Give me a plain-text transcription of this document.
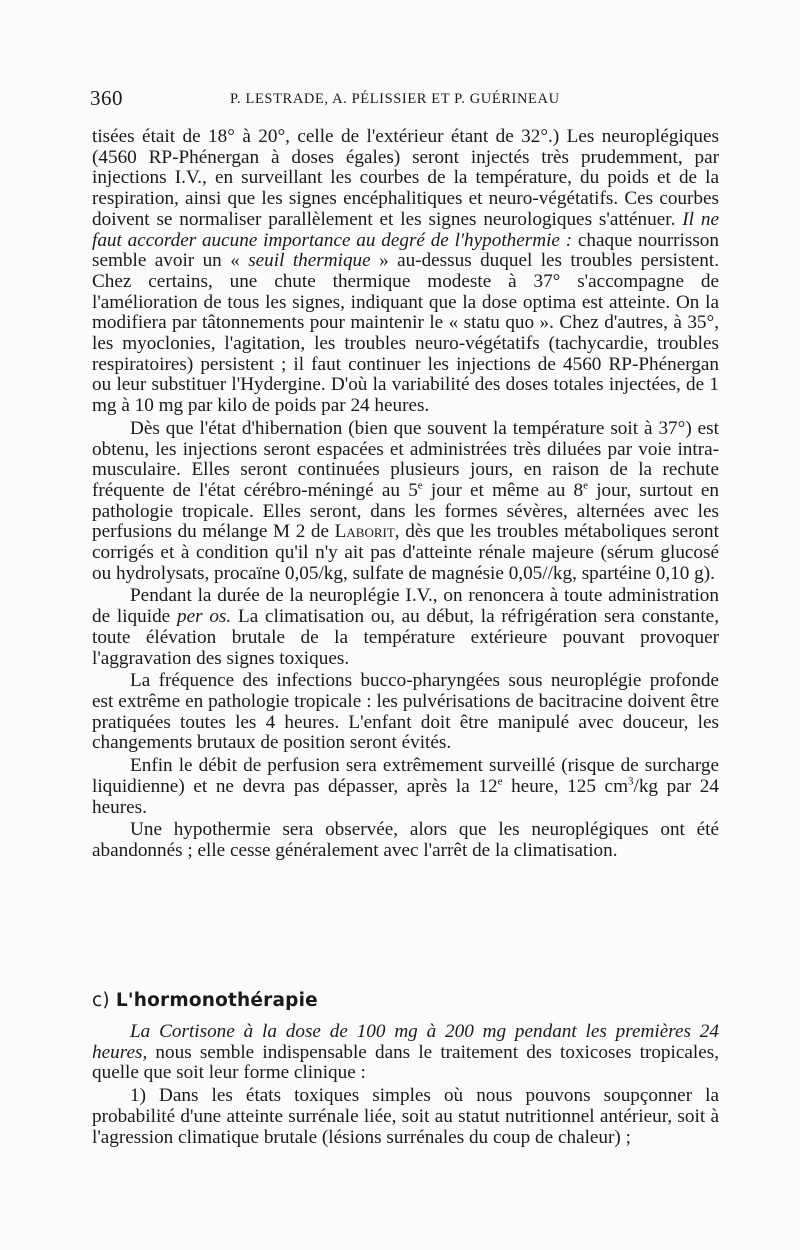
360	P. LESTRADE, A. PÉLISSIER ET P. GUÉRINEAU

tisées était de 18° à 20°, celle de l'extérieur étant de 32°.) Les neuroplégiques (4560 RP-Phénergan à doses égales) seront injectés très prudemment, par injections I.V., en surveillant les courbes de la température, du poids et de la respiration, ainsi que les signes encéphalitiques et neuro-végétatifs. Ces courbes doivent se normaliser parallèlement et les signes neurologiques s'atténuer. Il ne faut accorder aucune importance au degré de l'hypothermie : chaque nourrisson semble avoir un « seuil thermique » au-dessus duquel les troubles persistent. Chez certains, une chute thermique modeste à 37° s'accompagne de l'amélioration de tous les signes, indiquant que la dose optima est atteinte. On la modifiera par tâtonnements pour maintenir le « statu quo ». Chez d'autres, à 35°, les myoclonies, l'agitation, les troubles neuro-végétatifs (tachycardie, troubles respiratoires) persistent ; il faut continuer les injections de 4560 RP-Phénergan ou leur substituer l'Hydergine. D'où la variabilité des doses totales injectées, de 1 mg à 10 mg par kilo de poids par 24 heures.

Dès que l'état d'hibernation (bien que souvent la température soit à 37°) est obtenu, les injections seront espacées et administrées très diluées par voie intra-musculaire. Elles seront continuées plusieurs jours, en raison de la rechute fréquente de l'état cérébro-méningé au 5e jour et même au 8e jour, surtout en pathologie tropicale. Elles seront, dans les formes sévères, alternées avec les perfusions du mélange M 2 de Laborit, dès que les troubles métaboliques seront corrigés et à condition qu'il n'y ait pas d'atteinte rénale majeure (sérum glucosé ou hydrolysats, procaïne 0,05/kg, sulfate de magnésie 0,05//kg, spartéine 0,10 g).

Pendant la durée de la neuroplégie I.V., on renoncera à toute administration de liquide per os. La climatisation ou, au début, la réfrigération sera constante, toute élévation brutale de la température extérieure pouvant provoquer l'aggravation des signes toxiques.

La fréquence des infections bucco-pharyngées sous neuroplégie profonde est extrême en pathologie tropicale : les pulvérisations de bacitracine doivent être pratiquées toutes les 4 heures. L'enfant doit être manipulé avec douceur, les changements brutaux de position seront évités.

Enfin le débit de perfusion sera extrêmement surveillé (risque de surcharge liquidienne) et ne devra pas dépasser, après la 12e heure, 125 $cm^3/kg$ par 24 heures.

Une hypothermie sera observée, alors que les neuroplégiques ont été abandonnés ; elle cesse généralement avec l'arrêt de la climatisation.

c) L'hormonothérapie

La Cortisone à la dose de 100 mg à 200 mg pendant les premières 24 heures, nous semble indispensable dans le traitement des toxicoses tropicales, quelle que soit leur forme clinique :

1) Dans les états toxiques simples où nous pouvons soupçonner la probabilité d'une atteinte surrénale liée, soit au statut nutritionnel antérieur, soit à l'agression climatique brutale (lésions surrénales du coup de chaleur) ;
